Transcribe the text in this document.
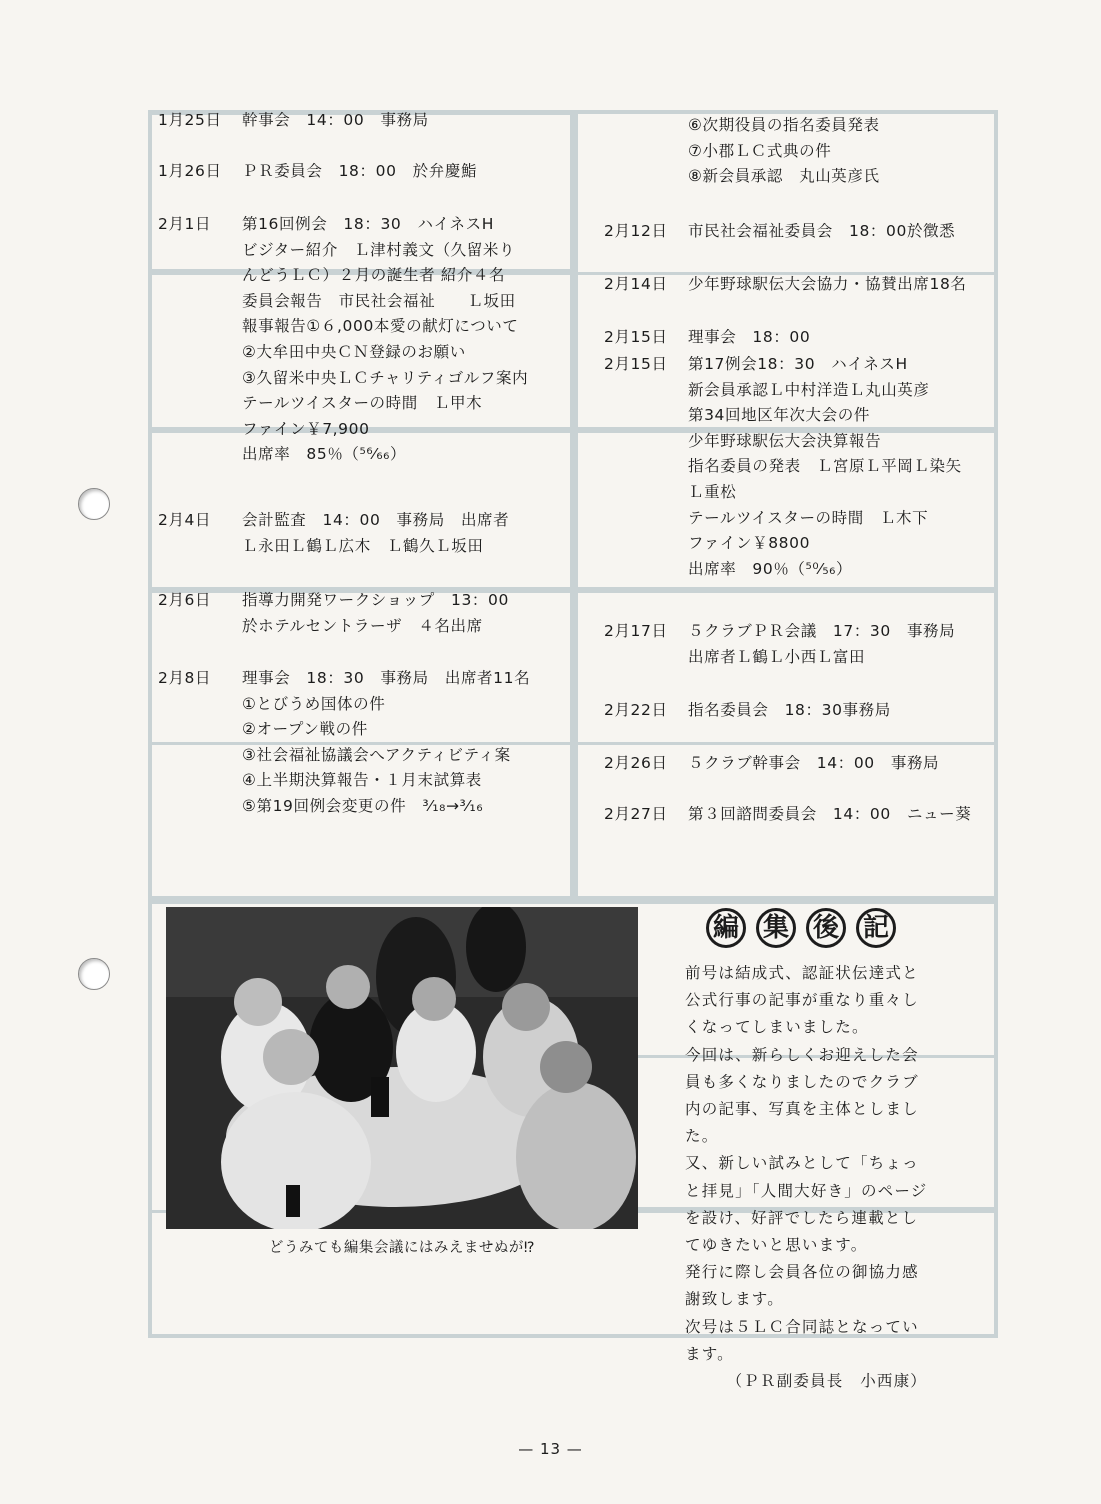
1月25日	幹事会　14：00　事務局
1月26日	ＰＲ委員会　18：00　於弁慶鮨
2月1日	第16回例会　18：30　ハイネスH
ビジター紹介　Ｌ津村義文（久留米り
んどうＬＣ）２月の誕生者 紹介４名
委員会報告　市民社会福祉　　Ｌ坂田
報事報告①６,000本愛の献灯について
②大牟田中央ＣＮ登録のお願い
③久留米中央ＬＣチャリティゴルフ案内
テールツイスターの時間　Ｌ甲木
ファイン￥7,900
出席率　85％（⁵⁶⁄₆₆）
2月4日	会計監査　14：00　事務局　出席者
Ｌ永田Ｌ鶴Ｌ広木　Ｌ鶴久Ｌ坂田
2月6日	指導力開発ワークショップ　13：00
於ホテルセントラーザ　４名出席
2月8日	理事会　18：30　事務局　出席者11名
①とびうめ国体の件
②オープン戦の件
③社会福祉協議会へアクティビティ案
④上半期決算報告・１月末試算表
⑤第19回例会変更の件　³⁄₁₈→³⁄₁₆
⑥次期役員の指名委員発表
⑦小郡ＬＣ式典の件
⑧新会員承認　丸山英彦氏
2月12日	市民社会福祉委員会　18：00於徴悉
2月14日	少年野球駅伝大会協力・協賛出席18名
2月15日	理事会　18：00
2月15日	第17例会18：30　ハイネスH
新会員承認Ｌ中村洋造Ｌ丸山英彦
第34回地区年次大会の件
少年野球駅伝大会決算報告
指名委員の発表　Ｌ宮原Ｌ平岡Ｌ染矢
Ｌ重松
テールツイスターの時間　Ｌ木下
ファイン￥8800
出席率　90％（⁵⁰⁄₅₆）
2月17日	５クラブＰＲ会議　17：30　事務局
出席者Ｌ鶴Ｌ小西Ｌ富田
2月22日	指名委員会　18：30事務局
2月26日	５クラブ幹事会　14：00　事務局
2月27日	第３回諮問委員会　14：00　ニュー葵
どうみても編集会議にはみえませぬが⁉
編 集 後 記
前号は結成式、認証状伝達式と
公式行事の記事が重なり重々し
くなってしまいました。
今回は、新らしくお迎えした会
員も多くなりましたのでクラブ
内の記事、写真を主体としまし
た。
又、新しい試みとして「ちょっ
と拝見」「人間大好き」のページ
を設け、好評でしたら連載とし
てゆきたいと思います。
発行に際し会員各位の御協力感
謝致します。
次号は５ＬＣ合同誌となってい
ます。
（ＰＲ副委員長　小西康）
— 13 —
